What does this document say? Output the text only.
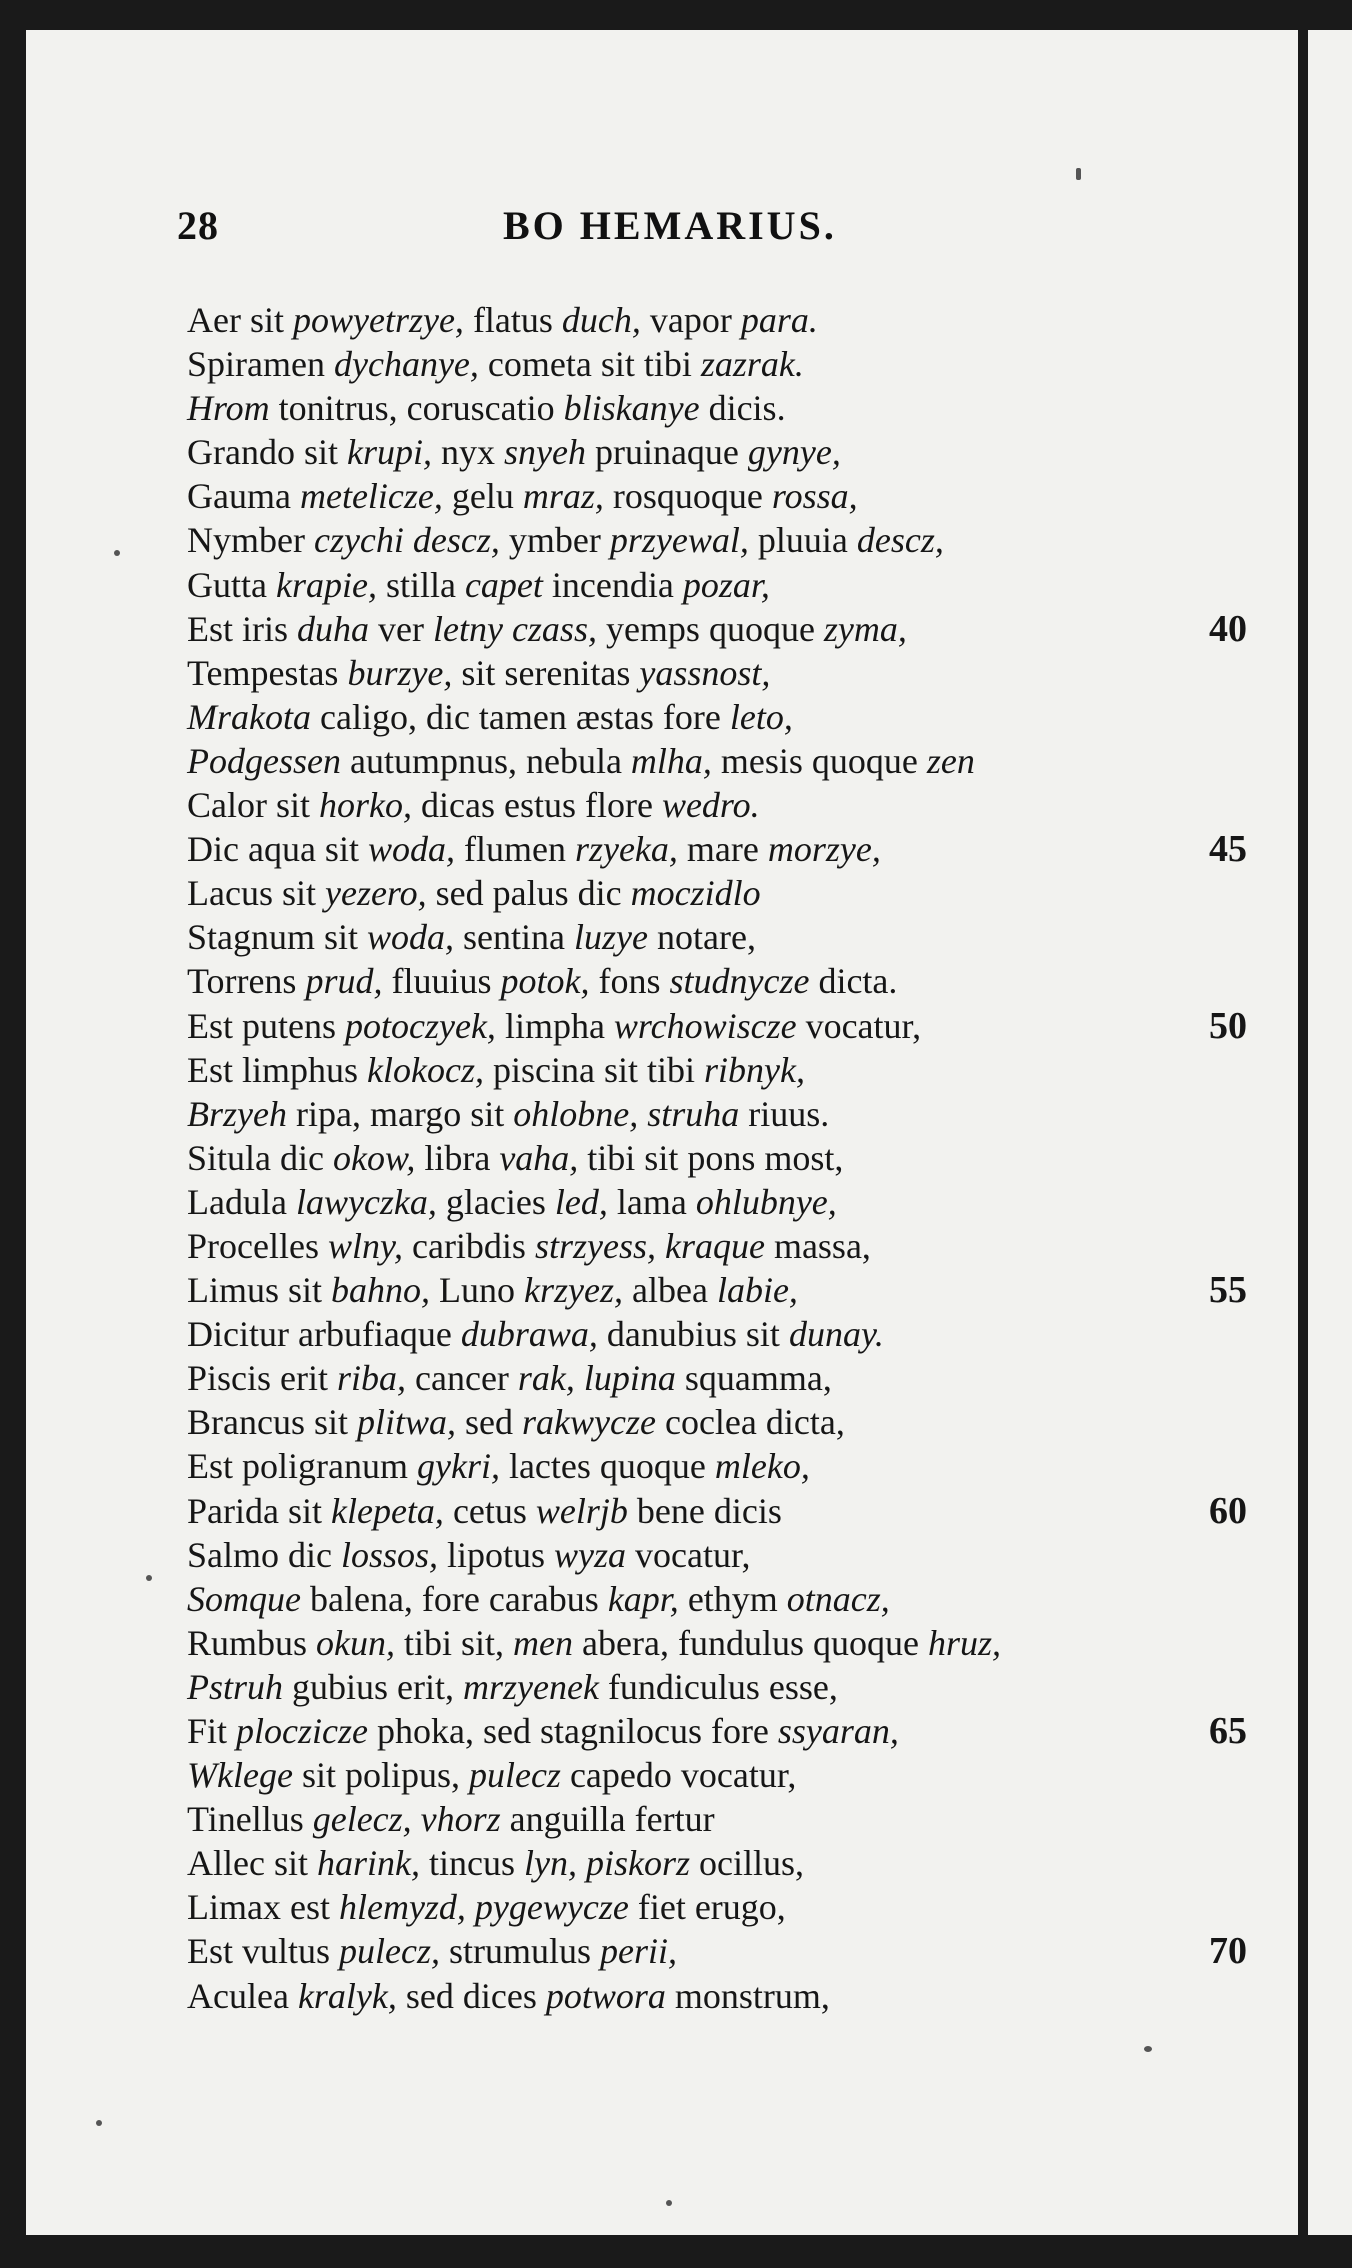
28	BO HEMARIUS.
Aer sit powyetrzye, flatus duch, vapor para.
Spiramen dychanye, cometa sit tibi zazrak.
Hrom tonitrus, coruscatio bliskanye dicis.
Grando sit krupi, nyx snyeh pruinaque gynye,
Gauma metelicze, gelu mraz, rosquoque rossa,
Nymber czychi descz, ymber przyewal, pluuia descz,
Gutta krapie, stilla capet incendia pozar,
Est iris duha ver letny czass, yemps quoque zyma,	40
Tempestas burzye, sit serenitas yassnost,
Mrakota caligo, dic tamen æstas fore leto,
Podgessen autumpnus, nebula mlha, mesis quoque zen
Calor sit horko, dicas estus flore wedro.
Dic aqua sit woda, flumen rzyeka, mare morzye,	45
Lacus sit yezero, sed palus dic moczidlo
Stagnum sit woda, sentina luzye notare,
Torrens prud, fluuius potok, fons studnycze dicta.
Est putens potoczyek, limpha wrchowiscze vocatur,	50
Est limphus klokocz, piscina sit tibi ribnyk,
Brzyeh ripa, margo sit ohlobne, struha riuus.
Situla dic okow, libra vaha, tibi sit pons most,
Ladula lawyczka, glacies led, lama ohlubnye,
Procelles wlny, caribdis strzyess, kraque massa,
Limus sit bahno, Luno krzyez, albea labie,	55
Dicitur arbufiaque dubrawa, danubius sit dunay.
Piscis erit riba, cancer rak, lupina squamma,
Brancus sit plitwa, sed rakwycze coclea dicta,
Est poligranum gykri, lactes quoque mleko,
Parida sit klepeta, cetus welrjb bene dicis	60
Salmo dic lossos, lipotus wyza vocatur,
Somque balena, fore carabus kapr, ethym otnacz,
Rumbus okun, tibi sit, men abera, fundulus quoque hruz,
Pstruh gubius erit, mrzyenek fundiculus esse,
Fit ploczicze phoka, sed stagnilocus fore ssyaran,	65
Wklege sit polipus, pulecz capedo vocatur,
Tinellus gelecz, vhorz anguilla fertur
Allec sit harink, tincus lyn, piskorz ocillus,
Limax est hlemyzd, pygewycze fiet erugo,
Est vultus pulecz, strumulus perii,	70
Aculea kralyk, sed dices potwora monstrum,
